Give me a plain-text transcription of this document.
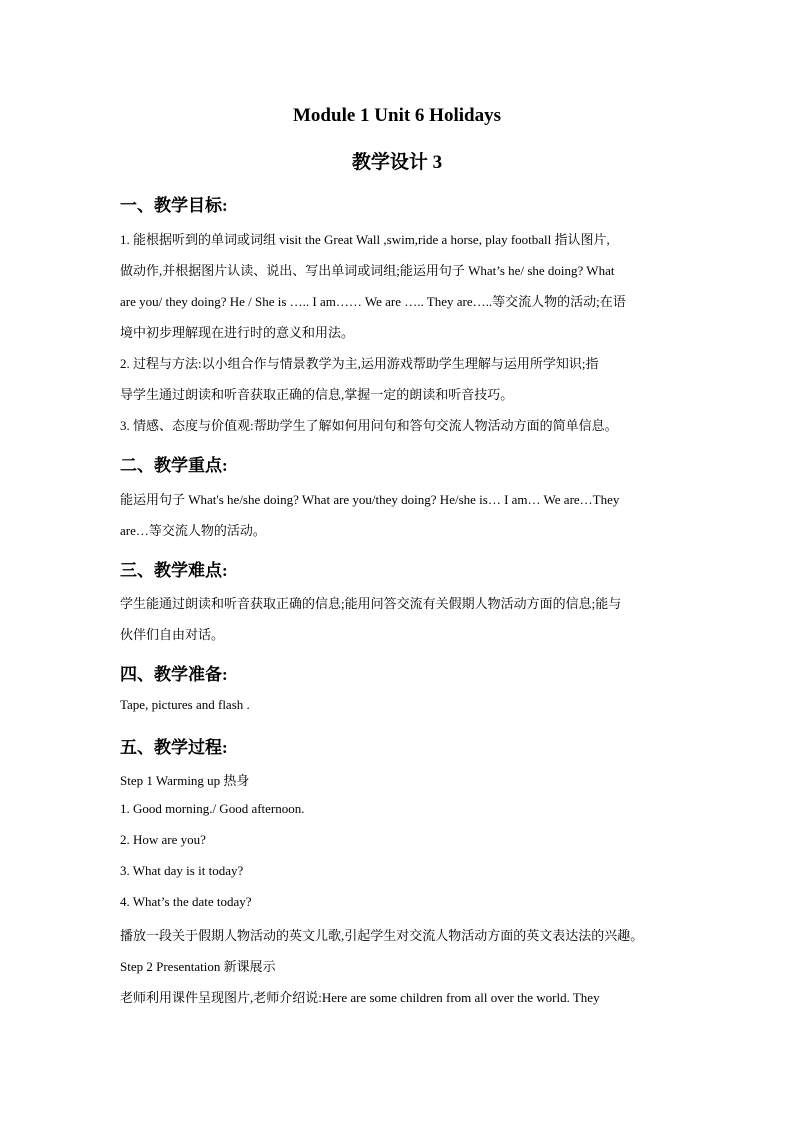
Module 1 Unit 6 Holidays
教学设计 3
一、教学目标:
1. 能根据听到的单词或词组 visit the Great Wall ,swim,ride a horse, play football 指认图片,
做动作,并根据图片认读、说出、写出单词或词组;能运用句子 What’s he/ she doing? What
are you/ they doing? He / She is ….. I am…… We are ….. They are…..等交流人物的活动;在语
境中初步理解现在进行时的意义和用法。
2. 过程与方法:以小组合作与情景教学为主,运用游戏帮助学生理解与运用所学知识;指
导学生通过朗读和听音获取正确的信息,掌握一定的朗读和听音技巧。
3. 情感、态度与价值观:帮助学生了解如何用问句和答句交流人物活动方面的简单信息。
二、教学重点:
能运用句子 What's he/she doing? What are you/they doing? He/she is… I am… We are…They
are…等交流人物的活动。
三、教学难点:
学生能通过朗读和听音获取正确的信息;能用问答交流有关假期人物活动方面的信息;能与
伙伴们自由对话。
四、教学准备:
Tape, pictures and flash .
五、教学过程:
Step 1 Warming up 热身
1. Good morning./ Good afternoon.
2. How are you?
3. What day is it today?
4. What’s the date today?
播放一段关于假期人物活动的英文儿歌,引起学生对交流人物活动方面的英文表达法的兴趣。
Step 2 Presentation 新课展示
老师利用课件呈现图片,老师介绍说:Here are some children from all over the world. They
